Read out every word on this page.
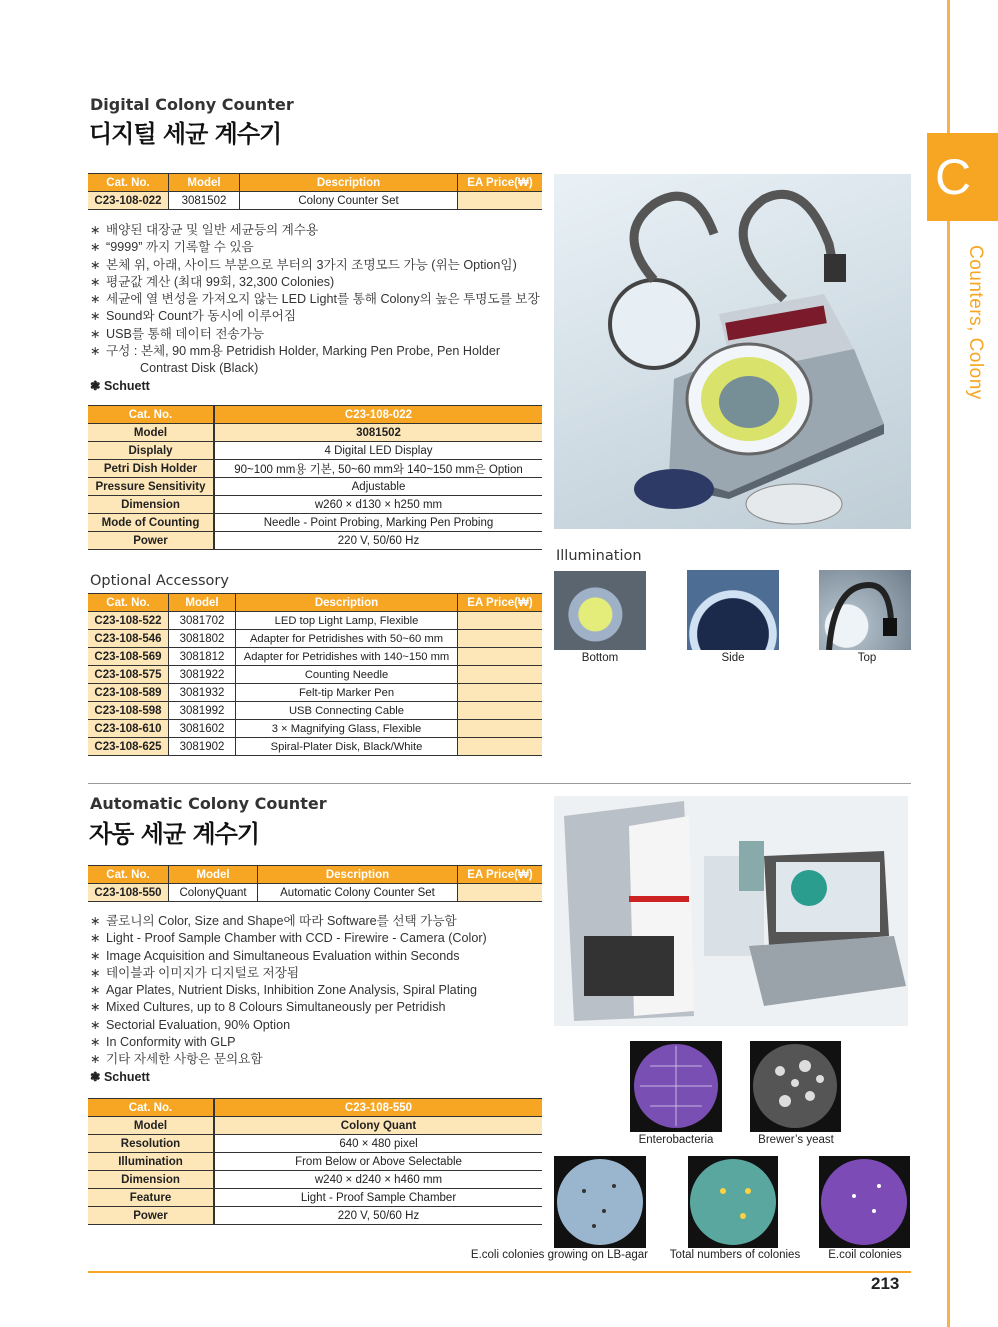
C
Counters, Colony
Digital Colony Counter
디지털 세균 계수기
Cat. No.	Model	Description	EA Price(₩)
C23-108-022	3081502	Colony Counter Set	
∗ 배양된 대장균 및 일반 세균등의 계수용
∗ “9999” 까지 기록할 수 있음
∗ 본체 위, 아래, 사이드 부분으로 부터의 3가지 조명모드 가능 (위는 Option임)
∗ 평균값 계산 (최대 99회, 32,300 Colonies)
∗ 세균에 열 변성을 가져오지 않는 LED Light를 통해 Colony의 높은 투명도를 보장
∗ Sound와 Count가 동시에 이루어짐
∗ USB를 통해 데이터 전송가능
∗ 구성 : 본체, 90 mm용 Petridish Holder, Marking Pen Probe, Pen Holder
Contrast Disk (Black)
❃ Schuett
Cat. No.	C23-108-022
Model	3081502
Displaly	4 Digital LED Display
Petri Dish Holder	90~100 mm용 기본, 50~60 mm와 140~150 mm은 Option
Pressure Sensitivity	Adjustable
Dimension	w260 × d130 × h250 mm
Mode of Counting	Needle - Point Probing, Marking Pen Probing
Power	220 V, 50/60 Hz
Illumination
Bottom	Side	Top
Optional Accessory
Cat. No.	Model	Description	EA Price(₩)
C23-108-522	3081702	LED top Light Lamp, Flexible	
C23-108-546	3081802	Adapter for Petridishes with 50~60 mm	
C23-108-569	3081812	Adapter for Petridishes with 140~150 mm	
C23-108-575	3081922	Counting Needle	
C23-108-589	3081932	Felt-tip Marker Pen	
C23-108-598	3081992	USB Connecting Cable	
C23-108-610	3081602	3 × Magnifying Glass, Flexible	
C23-108-625	3081902	Spiral-Plater Disk, Black/White	
Automatic Colony Counter
자동 세균 계수기
Cat. No.	Model	Description	EA Price(₩)
C23-108-550	ColonyQuant	Automatic Colony Counter Set	
∗ 콜로니의 Color, Size and Shape에 따라 Software를 선택 가능함
∗ Light - Proof Sample Chamber with CCD - Firewire - Camera (Color)
∗ Image Acquisition and Simultaneous Evaluation within Seconds
∗ 테이블과 이미지가 디지털로 저장됨
∗ Agar Plates, Nutrient Disks, Inhibition Zone Analysis, Spiral Plating
∗ Mixed Cultures, up to 8 Colours Simultaneously per Petridish
∗ Sectorial Evaluation, 90% Option
∗ In Conformity with GLP
∗ 기타 자세한 사항은 문의요함
❃ Schuett
Cat. No.	C23-108-550
Model	Colony Quant
Resolution	640 × 480 pixel
Illumination	From Below or Above Selectable
Dimension	w240 × d240 × h460 mm
Feature	Light - Proof Sample Chamber
Power	220 V, 50/60 Hz
Enterobacteria	Brewer’s yeast
E.coli colonies growing on LB-agar	Total numbers of colonies	E.coil colonies
213
